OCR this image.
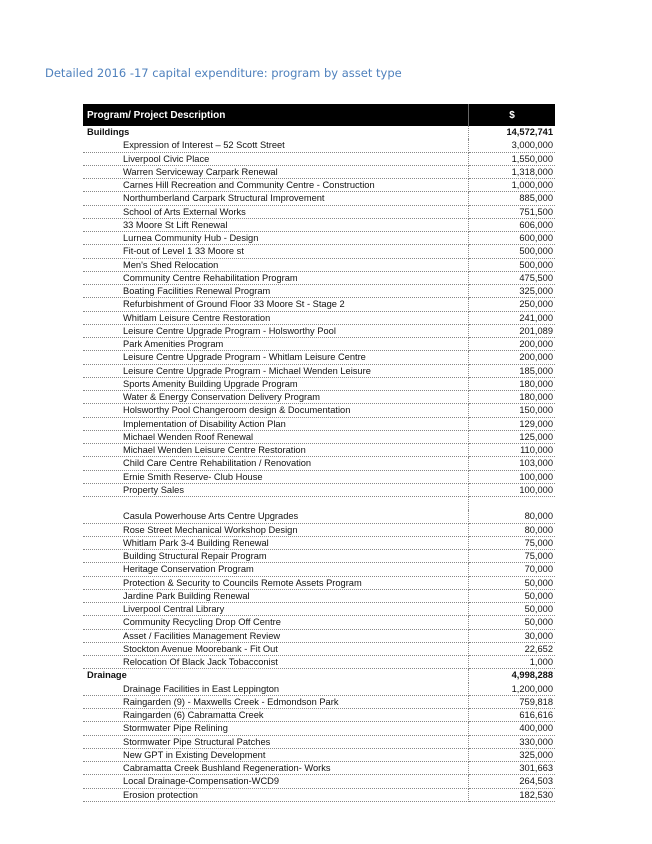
Detailed 2016 -17 capital expenditure: program by asset type
Program/ Project Description	$
Buildings	14,572,741
Expression of Interest – 52 Scott Street	3,000,000
Liverpool Civic Place	1,550,000
Warren Serviceway Carpark Renewal	1,318,000
Carnes Hill Recreation and Community Centre - Construction	1,000,000
Northumberland Carpark Structural Improvement	885,000
School of Arts External Works	751,500
33 Moore St Lift Renewal	606,000
Lurnea Community Hub - Design	600,000
Fit-out of Level 1 33 Moore st	500,000
Men's Shed Relocation	500,000
Community Centre Rehabilitation Program	475,500
Boating Facilities Renewal Program	325,000
Refurbishment of Ground Floor 33 Moore St - Stage 2	250,000
Whitlam Leisure Centre Restoration	241,000
Leisure Centre Upgrade Program - Holsworthy Pool	201,089
Park Amenities Program	200,000
Leisure Centre Upgrade Program - Whitlam Leisure Centre	200,000
Leisure Centre Upgrade Program - Michael Wenden Leisure	185,000
Sports Amenity Building Upgrade Program	180,000
Water & Energy Conservation Delivery Program	180,000
Holsworthy Pool Changeroom design & Documentation	150,000
Implementation of Disability Action Plan	129,000
Michael Wenden Roof Renewal	125,000
Michael Wenden Leisure Centre Restoration	110,000
Child Care Centre Rehabilitation / Renovation	103,000
Ernie Smith Reserve- Club House	100,000
Property Sales	100,000
Casula Powerhouse Arts Centre Upgrades	80,000
Rose Street Mechanical Workshop Design	80,000
Whitlam Park 3-4 Building Renewal	75,000
Building Structural Repair Program	75,000
Heritage Conservation Program	70,000
Protection & Security to Councils Remote Assets Program	50,000
Jardine Park Building Renewal	50,000
Liverpool Central Library	50,000
Community Recycling Drop Off Centre	50,000
Asset / Facilities Management Review	30,000
Stockton Avenue Moorebank - Fit Out	22,652
Relocation Of Black Jack Tobacconist	1,000
Drainage	4,998,288
Drainage Facilities in East Leppington	1,200,000
Raingarden (9) - Maxwells Creek - Edmondson Park	759,818
Raingarden (6) Cabramatta Creek	616,616
Stormwater Pipe Relining	400,000
Stormwater Pipe Structural Patches	330,000
New GPT in Existing Development	325,000
Cabramatta Creek Bushland Regeneration- Works	301,663
Local Drainage-Compensation-WCD9	264,503
Erosion protection	182,530
